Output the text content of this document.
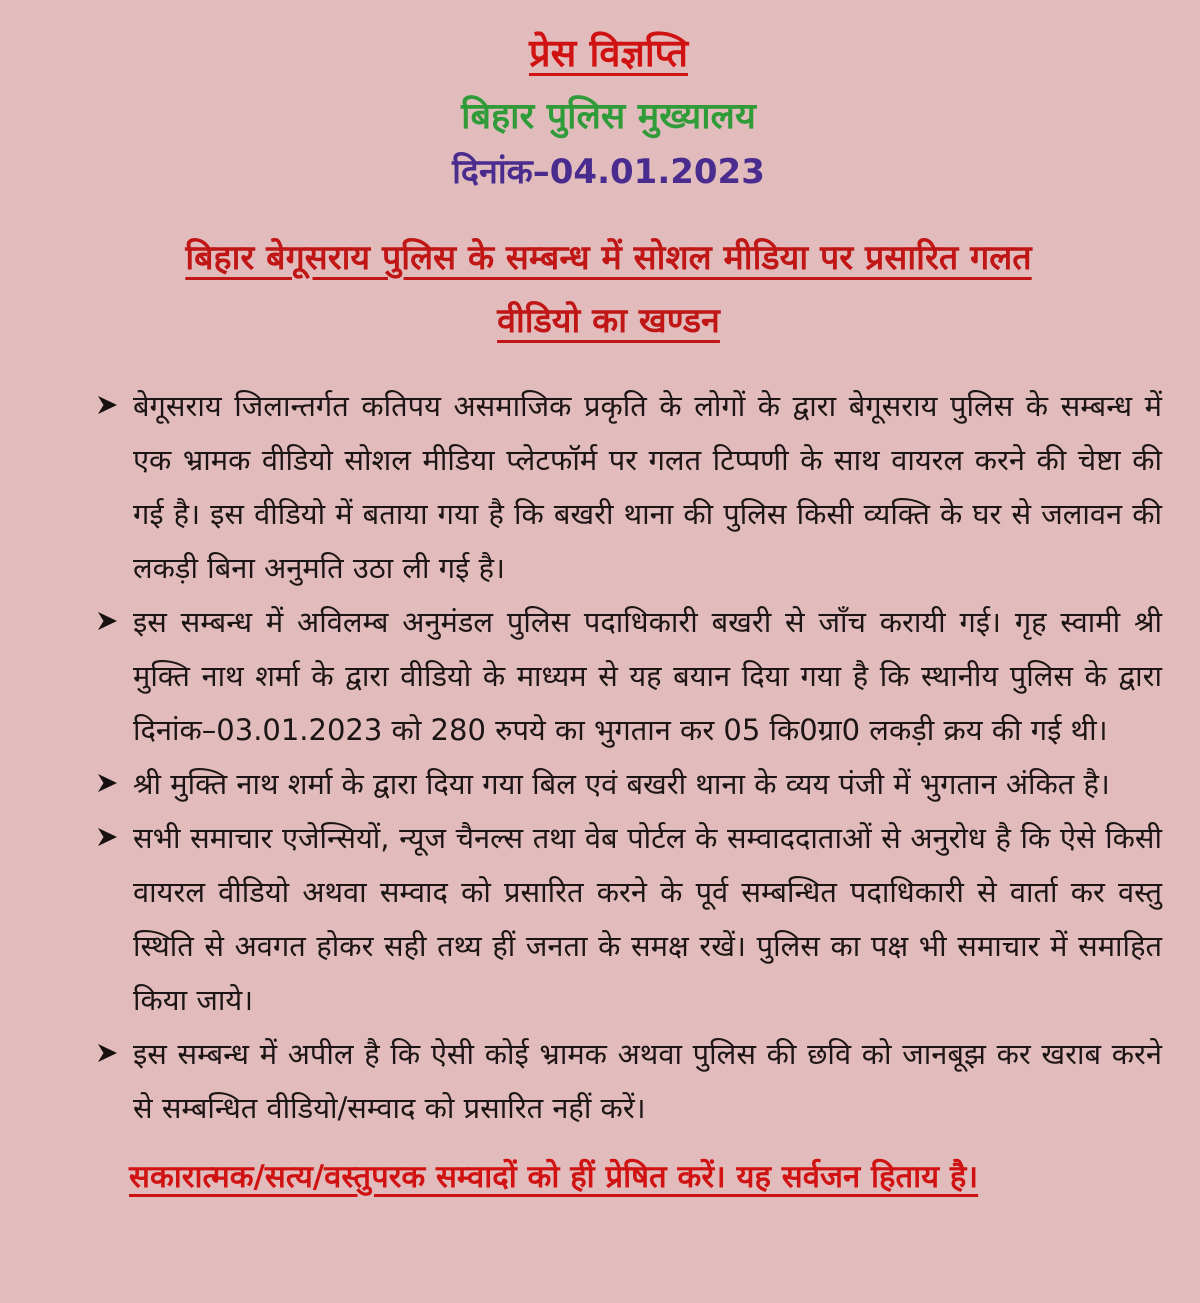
प्रेस विज्ञप्ति
बिहार पुलिस मुख्यालय
दिनांक–04.01.2023
बिहार बेगूसराय पुलिस के सम्बन्ध में सोशल मीडिया पर प्रसारित गलत
वीडियो का खण्डन

बेगूसराय जिलान्तर्गत कतिपय असमाजिक प्रकृति के लोगों के द्वारा बेगूसराय पुलिस के सम्बन्ध में एक भ्रामक वीडियो सोशल मीडिया प्लेटफॉर्म पर गलत टिप्पणी के साथ वायरल करने की चेष्टा की गई है। इस वीडियो में बताया गया है कि बखरी थाना की पुलिस किसी व्यक्ति के घर से जलावन की लकड़ी बिना अनुमति उठा ली गई है।

इस सम्बन्ध में अविलम्ब अनुमंडल पुलिस पदाधिकारी बखरी से जाँच करायी गई। गृह स्वामी श्री मुक्ति नाथ शर्मा के द्वारा वीडियो के माध्यम से यह बयान दिया गया है कि स्थानीय पुलिस के द्वारा दिनांक–03.01.2023 को 280 रुपये का भुगतान कर 05 कि0ग्रा0 लकड़ी क्रय की गई थी।

श्री मुक्ति नाथ शर्मा के द्वारा दिया गया बिल एवं बखरी थाना के व्यय पंजी में भुगतान अंकित है।

सभी समाचार एजेन्सियों, न्यूज चैनल्स तथा वेब पोर्टल के सम्वाददाताओं से अनुरोध है कि ऐसे किसी वायरल वीडियो अथवा सम्वाद को प्रसारित करने के पूर्व सम्बन्धित पदाधिकारी से वार्ता कर वस्तु स्थिति से अवगत होकर सही तथ्य हीं जनता के समक्ष रखें। पुलिस का पक्ष भी समाचार में समाहित किया जाये।

इस सम्बन्ध में अपील है कि ऐसी कोई भ्रामक अथवा पुलिस की छवि को जानबूझ कर खराब करने से सम्बन्धित वीडियो/सम्वाद को प्रसारित नहीं करें।

सकारात्मक/सत्य/वस्तुपरक सम्वादों को हीं प्रेषित करें। यह सर्वजन हिताय है।
